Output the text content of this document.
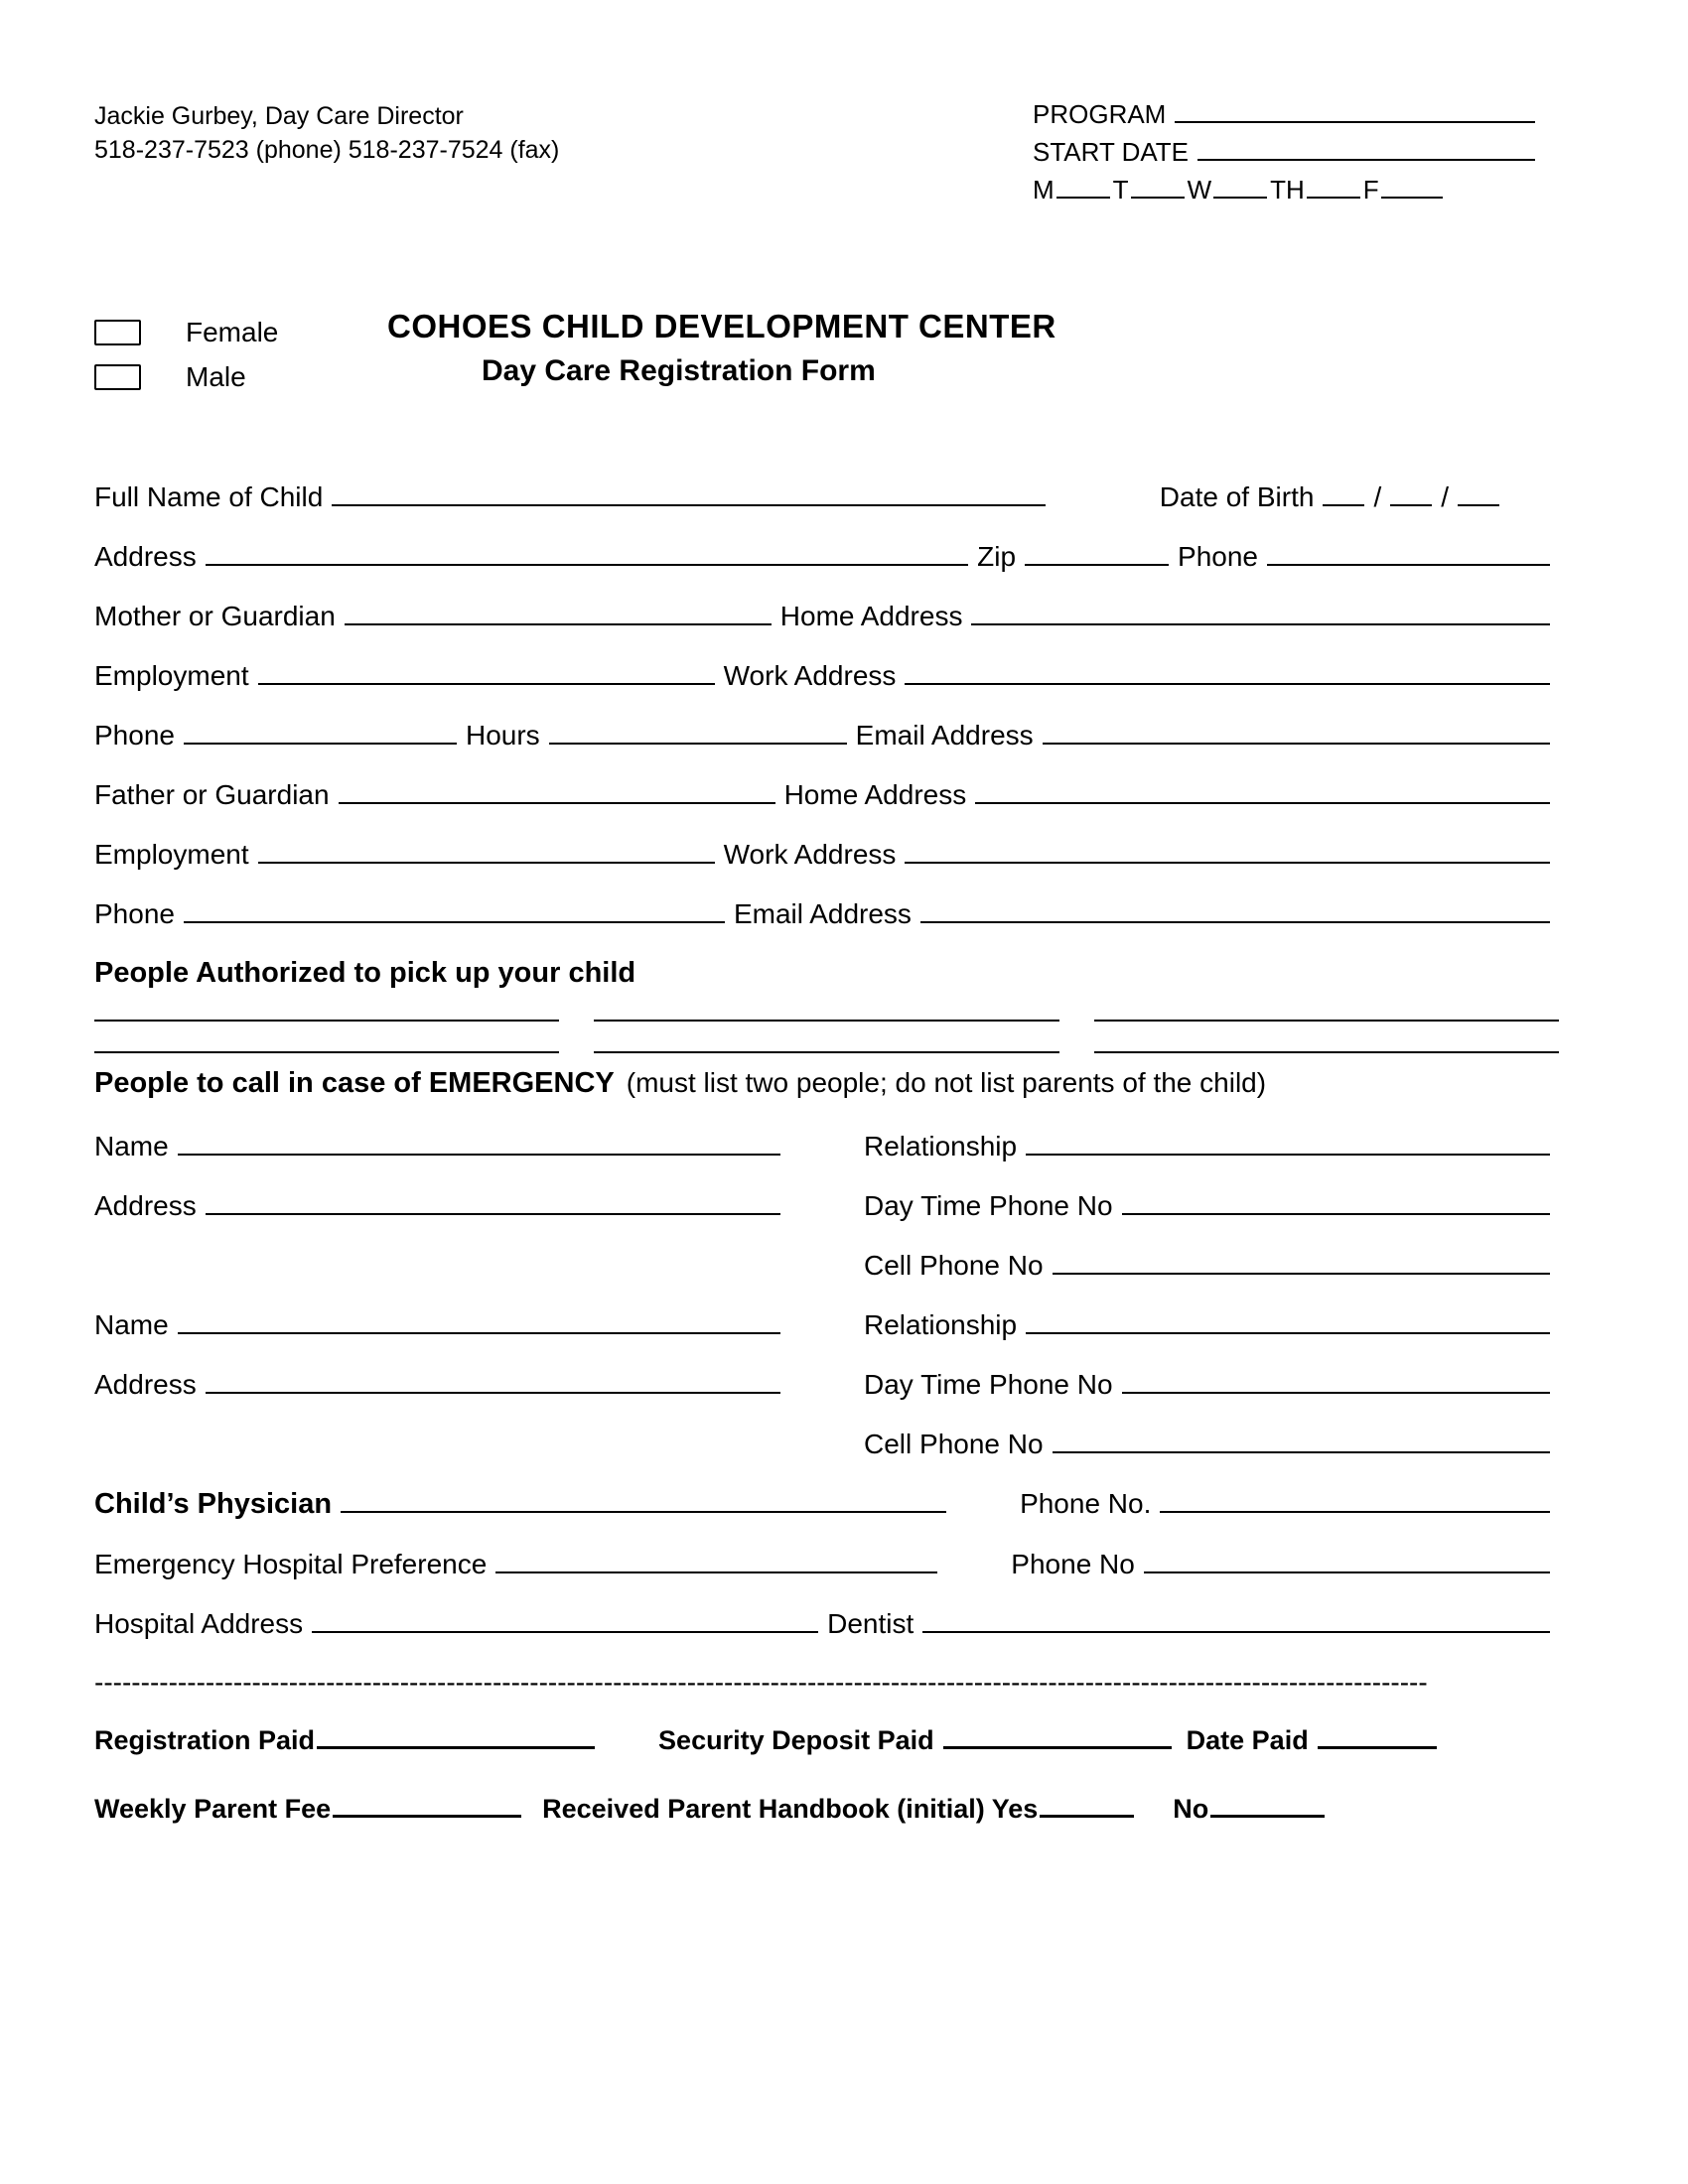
Jackie Gurbey, Day Care Director
518-237-7523 (phone) 518-237-7524 (fax)
PROGRAM
START DATE
M T W TH F
Female
Male
COHOES CHILD DEVELOPMENT CENTER
Day Care Registration Form
Full Name of Child	Date of Birth / /
Address	Zip	Phone
Mother or Guardian	Home Address
Employment	Work Address
Phone	Hours	Email Address
Father or Guardian	Home Address
Employment	Work Address
Phone	Email Address
People Authorized to pick up your child
People to call in case of EMERGENCY (must list two people; do not list parents of the child)
Name	Relationship
Address	Day Time Phone No
Cell Phone No
Name	Relationship
Address	Day Time Phone No
Cell Phone No
Child’s Physician	Phone No.
Emergency Hospital Preference	Phone No
Hospital Address	Dentist
------------------------------------------------------------------------------------------------------------------------------------------------
Registration Paid	Security Deposit Paid	Date Paid
Weekly Parent Fee	Received Parent Handbook (initial) Yes	No
